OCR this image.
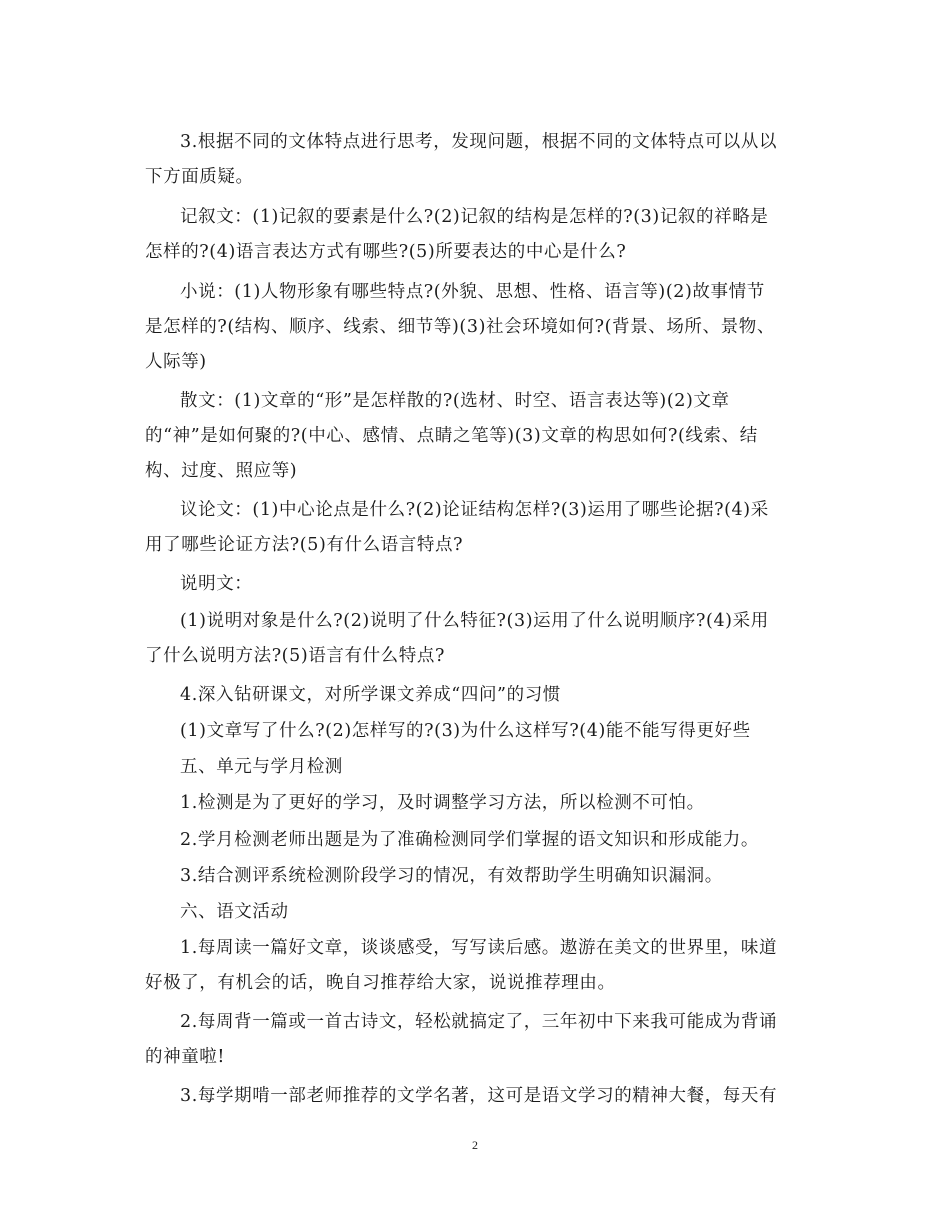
3.根据不同的文体特点进行思考，发现问题，根据不同的文体特点可以从以
下方面质疑。
记叙文：(1)记叙的要素是什么?(2)记叙的结构是怎样的?(3)记叙的祥略是
怎样的?(4)语言表达方式有哪些?(5)所要表达的中心是什么?
小说：(1)人物形象有哪些特点?(外貌、思想、性格、语言等)(2)故事情节
是怎样的?(结构、顺序、线索、细节等)(3)社会环境如何?(背景、场所、景物、
人际等)
散文：(1)文章的“形”是怎样散的?(选材、时空、语言表达等)(2)文章
的“神”是如何聚的?(中心、感情、点睛之笔等)(3)文章的构思如何?(线索、结
构、过度、照应等)
议论文：(1)中心论点是什么?(2)论证结构怎样?(3)运用了哪些论据?(4)采
用了哪些论证方法?(5)有什么语言特点?
说明文：
(1)说明对象是什么?(2)说明了什么特征?(3)运用了什么说明顺序?(4)采用
了什么说明方法?(5)语言有什么特点?
4.深入钻研课文，对所学课文养成“四问”的习惯
(1)文章写了什么?(2)怎样写的?(3)为什么这样写?(4)能不能写得更好些
五、单元与学月检测
1.检测是为了更好的学习，及时调整学习方法，所以检测不可怕。
2.学月检测老师出题是为了准确检测同学们掌握的语文知识和形成能力。
3.结合测评系统检测阶段学习的情况，有效帮助学生明确知识漏洞。
六、语文活动
1.每周读一篇好文章，谈谈感受，写写读后感。遨游在美文的世界里，味道
好极了，有机会的话，晚自习推荐给大家，说说推荐理由。
2.每周背一篇或一首古诗文，轻松就搞定了，三年初中下来我可能成为背诵
的神童啦!
3.每学期啃一部老师推荐的文学名著，这可是语文学习的精神大餐，每天有
2
